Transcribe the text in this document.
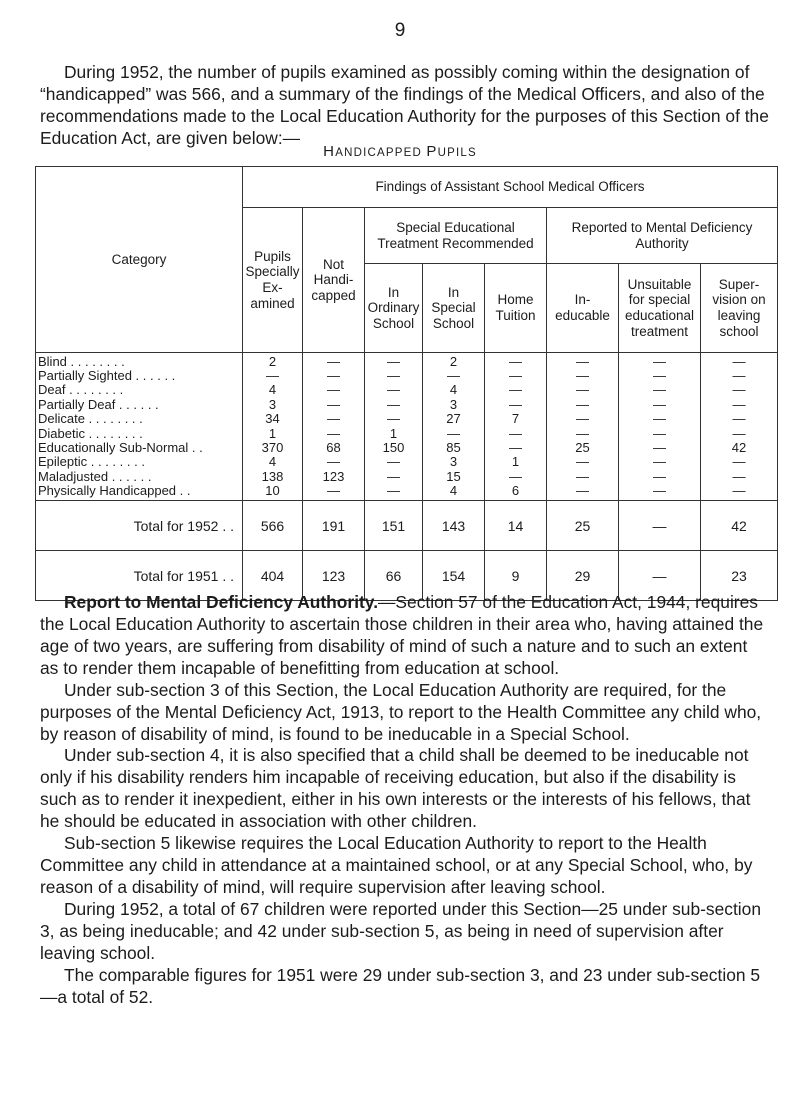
9

During 1952, the number of pupils examined as possibly coming within the designation of “handicapped” was 566, and a summary of the findings of the Medical Officers, and also of the recommendations made to the Local Education Authority for the purposes of this Section of the Education Act, are given below:—

HANDICAPPED PUPILS
Category	Findings of Assistant School Medical Officers							
	Pupils Specially Ex- amined	Not Handi- capped	Special Educational Treatment Recommended			Reported to Mental Deficiency Authority		
			In Ordinary School	In Special School	Home Tuition	In- educable	Unsuitable for special educational treatment	Super- vision on leaving school
Blind . . . . . . . .	2	—	—	2	—	—	—	—
Partially Sighted . . . . . .	—	—	—	—	—	—	—	—
Deaf . . . . . . . .	4	—	—	4	—	—	—	—
Partially Deaf . . . . . .	3	—	—	3	—	—	—	—
Delicate . . . . . . . .	34	—	—	27	7	—	—	—
Diabetic . . . . . . . .	1	—	1	—	—	—	—	—
Educationally Sub-Normal . .	370	68	150	85	—	25	—	42
Epileptic . . . . . . . .	4	—	—	3	1	—	—	—
Maladjusted . . . . . .	138	123	—	15	—	—	—	—
Physically Handicapped . .	10	—	—	4	6	—	—	—
Total for 1952 . .	566	191	151	143	14	25	—	42
Total for 1951 . .	404	123	66	154	9	29	—	23

Report to Mental Deficiency Authority.—Section 57 of the Education Act, 1944, requires the Local Education Authority to ascertain those children in their area who, having attained the age of two years, are suffering from disability of mind of such a nature and to such an extent as to render them incapable of benefitting from education at school.

Under sub-section 3 of this Section, the Local Education Authority are required, for the purposes of the Mental Deficiency Act, 1913, to report to the Health Committee any child who, by reason of disability of mind, is found to be ineducable in a Special School.

Under sub-section 4, it is also specified that a child shall be deemed to be ineducable not only if his disability renders him incapable of receiving education, but also if the disability is such as to render it inexpedient, either in his own interests or the interests of his fellows, that he should be educated in association with other children.

Sub-section 5 likewise requires the Local Education Authority to report to the Health Committee any child in attendance at a maintained school, or at any Special School, who, by reason of a disability of mind, will require supervision after leaving school.

During 1952, a total of 67 children were reported under this Section—25 under sub-section 3, as being ineducable; and 42 under sub-section 5, as being in need of supervision after leaving school.

The comparable figures for 1951 were 29 under sub-section 3, and 23 under sub-section 5—a total of 52.
